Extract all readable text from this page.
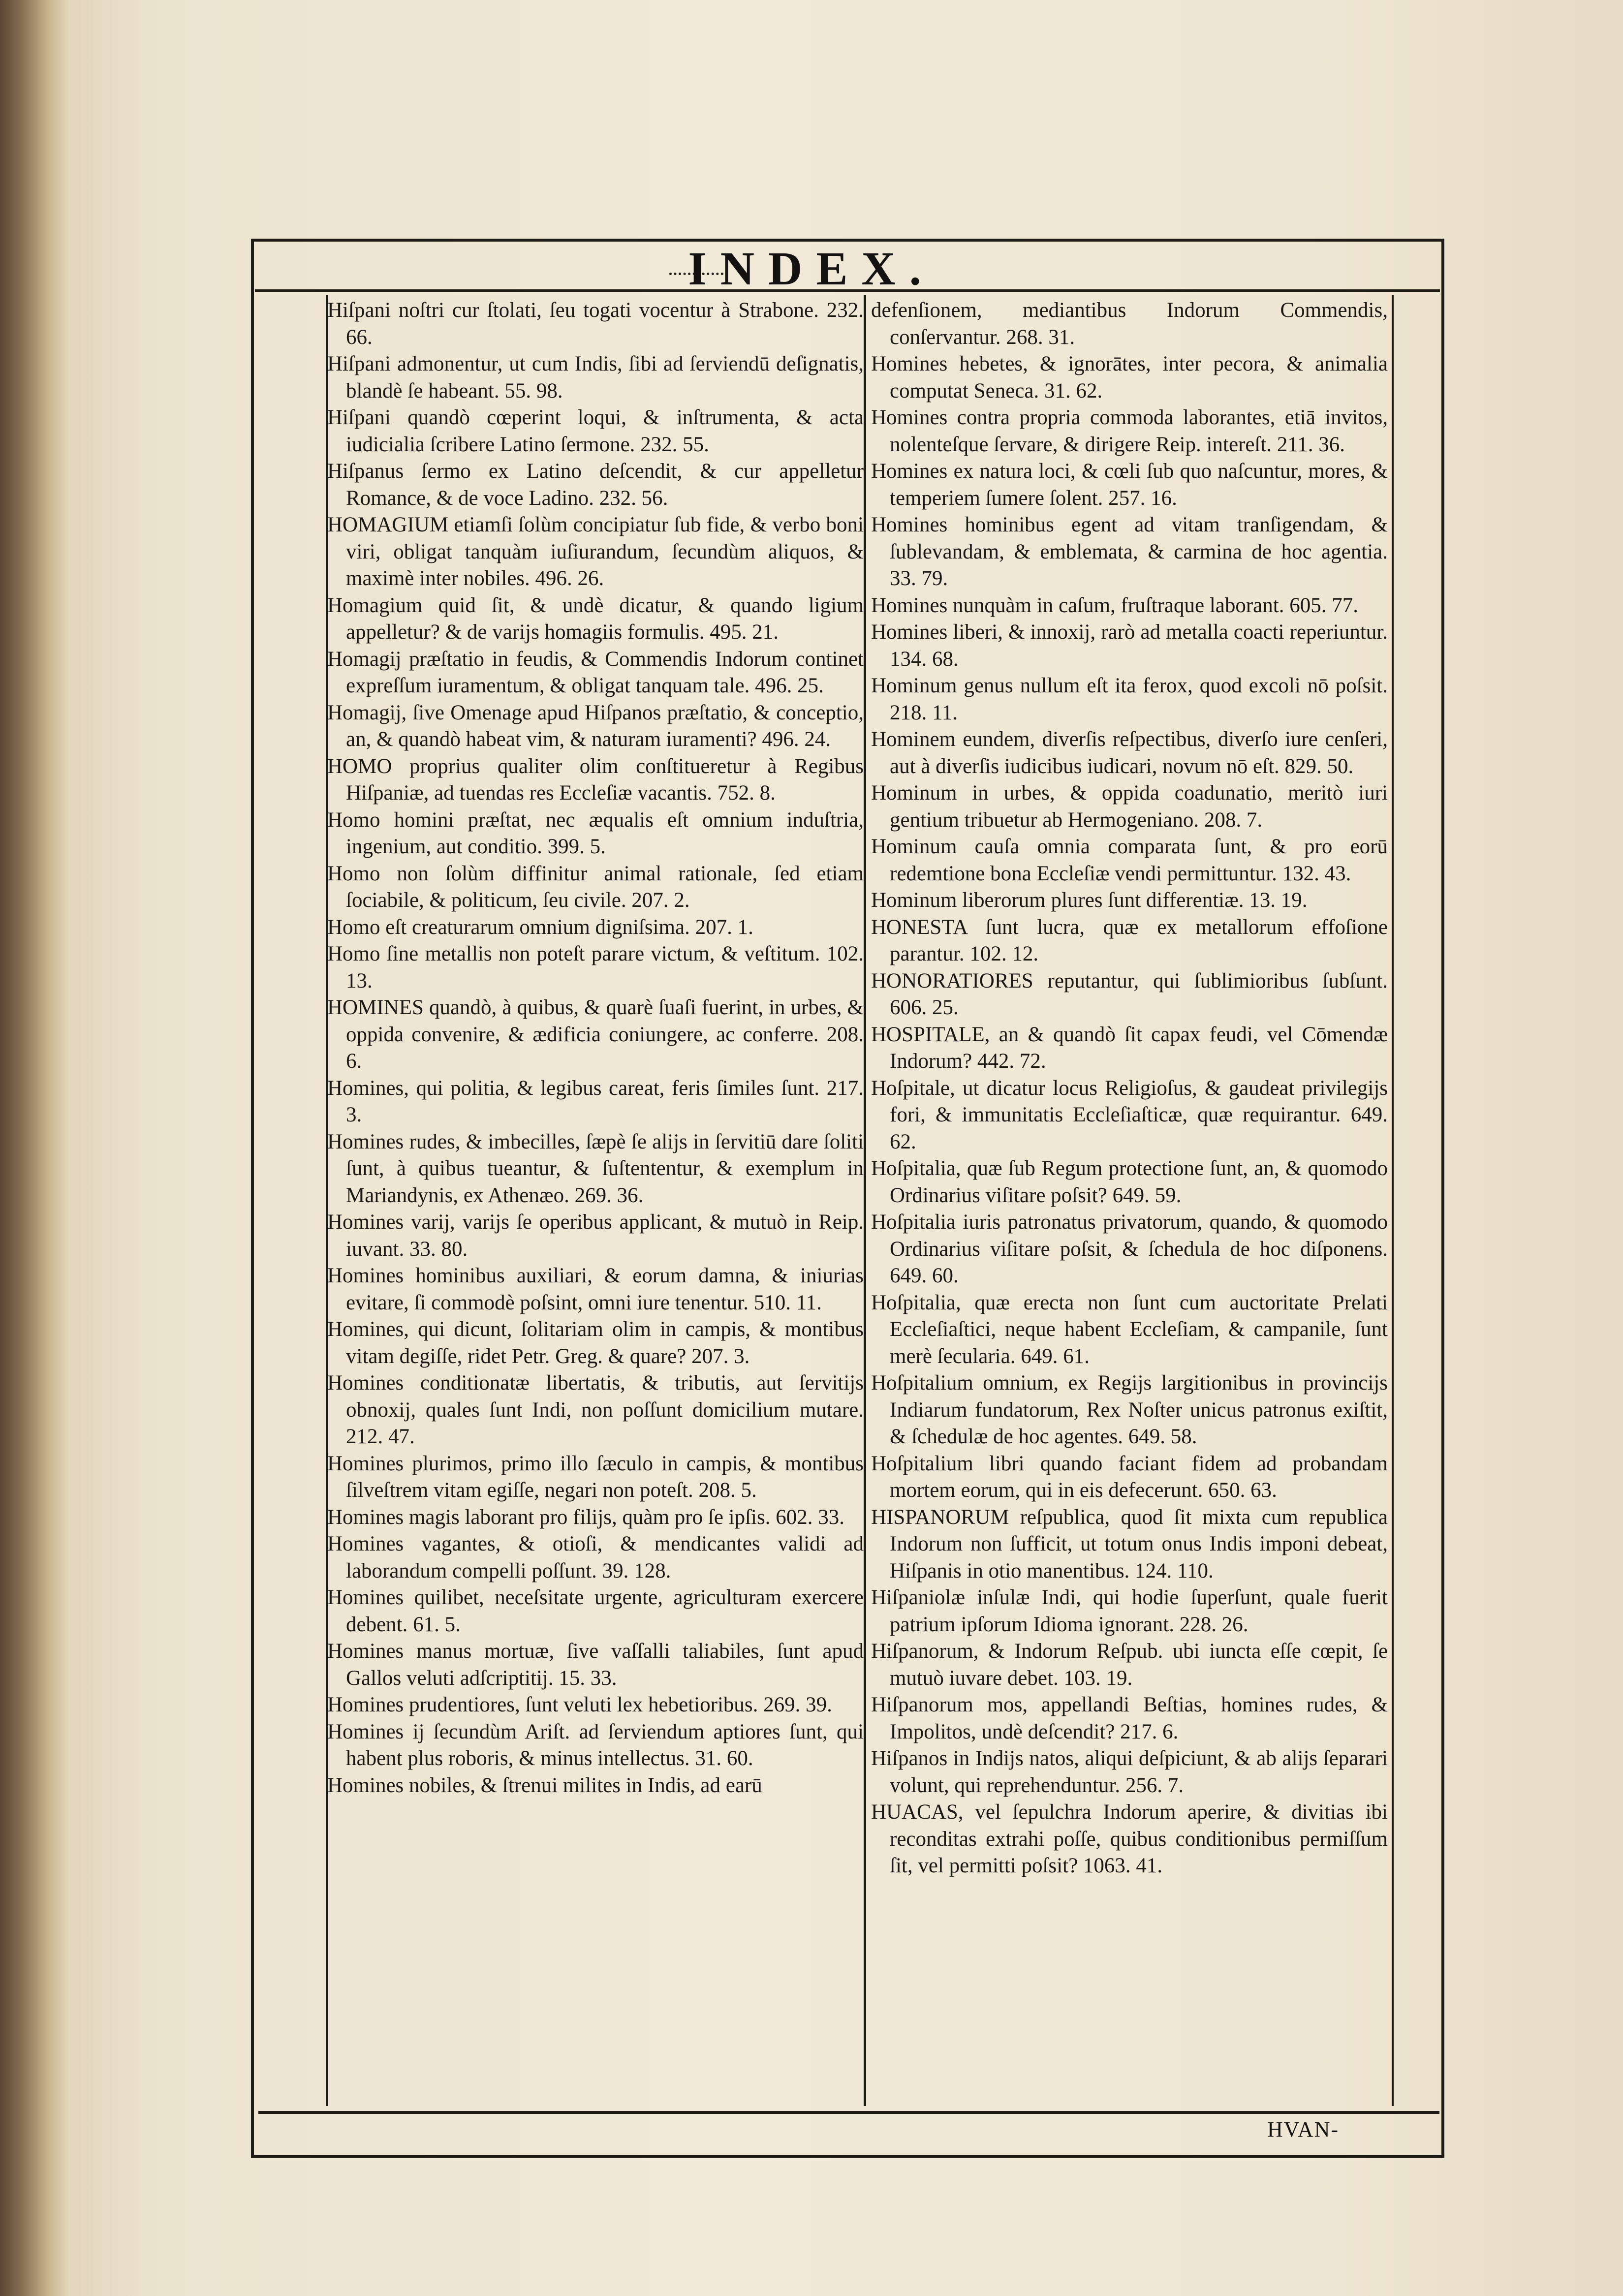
INDEX.

Hiſpani noſtri cur ſtolati, ſeu togati vocentur à Strabone. 232. 66.

Hiſpani admonentur, ut cum Indis, ſibi ad ſerviendū deſignatis, blandè ſe habeant. 55. 98.

Hiſpani quandò cœperint loqui, & inſtrumenta, & acta iudicialia ſcribere Latino ſermone. 232. 55.

Hiſpanus ſermo ex Latino deſcendit, & cur appelletur Romance, & de voce Ladino. 232. 56.

HOMAGIUM etiamſi ſolùm concipiatur ſub fide, & verbo boni viri, obligat tanquàm iuſiurandum, ſecundùm aliquos, & maximè inter nobiles. 496. 26.

Homagium quid ſit, & undè dicatur, & quando ligium appelletur? & de varijs homagiis formulis. 495. 21.

Homagij præſtatio in feudis, & Commendis Indorum continet expreſſum iuramentum, & obligat tanquam tale. 496. 25.

Homagij, ſive Omenage apud Hiſpanos præſtatio, & conceptio, an, & quandò habeat vim, & naturam iuramenti? 496. 24.

HOMO proprius qualiter olim conſtitueretur à Regibus Hiſpaniæ, ad tuendas res Eccleſiæ vacantis. 752. 8.

Homo homini præſtat, nec æqualis eſt omnium induſtria, ingenium, aut conditio. 399. 5.

Homo non ſolùm diffinitur animal rationale, ſed etiam ſociabile, & politicum, ſeu civile. 207. 2.

Homo eſt creaturarum omnium digniſsima. 207. 1.

Homo ſine metallis non poteſt parare victum, & veſtitum. 102. 13.

HOMINES quandò, à quibus, & quarè ſuaſi fuerint, in urbes, & oppida convenire, & ædificia coniungere, ac conferre. 208. 6.

Homines, qui politia, & legibus careat, feris ſimiles ſunt. 217. 3.

Homines rudes, & imbecilles, ſæpè ſe alijs in ſervitiū dare ſoliti ſunt, à quibus tueantur, & ſuſtententur, & exemplum in Mariandynis, ex Athenæo. 269. 36.

Homines varij, varijs ſe operibus applicant, & mutuò in Reip. iuvant. 33. 80.

Homines hominibus auxiliari, & eorum damna, & iniurias evitare, ſi commodè poſsint, omni iure tenentur. 510. 11.

Homines, qui dicunt, ſolitariam olim in campis, & montibus vitam degiſſe, ridet Petr. Greg. & quare? 207. 3.

Homines conditionatæ libertatis, & tributis, aut ſervitijs obnoxij, quales ſunt Indi, non poſſunt domicilium mutare. 212. 47.

Homines plurimos, primo illo ſæculo in campis, & montibus ſilveſtrem vitam egiſſe, negari non poteſt. 208. 5.

Homines magis laborant pro filijs, quàm pro ſe ipſis. 602. 33.

Homines vagantes, & otioſi, & mendicantes validi ad laborandum compelli poſſunt. 39. 128.

Homines quilibet, neceſsitate urgente, agriculturam exercere debent. 61. 5.

Homines manus mortuæ, ſive vaſſalli taliabiles, ſunt apud Gallos veluti adſcriptitij. 15. 33.

Homines prudentiores, ſunt veluti lex hebetioribus. 269. 39.

Homines ij ſecundùm Ariſt. ad ſerviendum aptiores ſunt, qui habent plus roboris, & minus intellectus. 31. 60.

Homines nobiles, & ſtrenui milites in Indis, ad earū

defenſionem, mediantibus Indorum Commendis, conſervantur. 268. 31.

Homines hebetes, & ignorātes, inter pecora, & animalia computat Seneca. 31. 62.

Homines contra propria commoda laborantes, etiā invitos, nolenteſque ſervare, & dirigere Reip. intereſt. 211. 36.

Homines ex natura loci, & cœli ſub quo naſcuntur, mores, & temperiem ſumere ſolent. 257. 16.

Homines hominibus egent ad vitam tranſigendam, & ſublevandam, & emblemata, & carmina de hoc agentia. 33. 79.

Homines nunquàm in caſum, fruſtraque laborant. 605. 77.

Homines liberi, & innoxij, rarò ad metalla coacti reperiuntur. 134. 68.

Hominum genus nullum eſt ita ferox, quod excoli nō poſsit. 218. 11.

Hominem eundem, diverſis reſpectibus, diverſo iure cenſeri, aut à diverſis iudicibus iudicari, novum nō eſt. 829. 50.

Hominum in urbes, & oppida coadunatio, meritò iuri gentium tribuetur ab Hermogeniano. 208. 7.

Hominum cauſa omnia comparata ſunt, & pro eorū redemtione bona Eccleſiæ vendi permittuntur. 132. 43.

Hominum liberorum plures ſunt differentiæ. 13. 19.

HONESTA ſunt lucra, quæ ex metallorum effoſione parantur. 102. 12.

HONORATIORES reputantur, qui ſublimioribus ſubſunt. 606. 25.

HOSPITALE, an & quandò ſit capax feudi, vel Cōmendæ Indorum? 442. 72.

Hoſpitale, ut dicatur locus Religioſus, & gaudeat privilegijs fori, & immunitatis Eccleſiaſticæ, quæ requirantur. 649. 62.

Hoſpitalia, quæ ſub Regum protectione ſunt, an, & quomodo Ordinarius viſitare poſsit? 649. 59.

Hoſpitalia iuris patronatus privatorum, quando, & quomodo Ordinarius viſitare poſsit, & ſchedula de hoc diſponens. 649. 60.

Hoſpitalia, quæ erecta non ſunt cum auctoritate Prelati Eccleſiaſtici, neque habent Eccleſiam, & campanile, ſunt merè ſecularia. 649. 61.

Hoſpitalium omnium, ex Regijs largitionibus in provincijs Indiarum fundatorum, Rex Noſter unicus patronus exiſtit, & ſchedulæ de hoc agentes. 649. 58.

Hoſpitalium libri quando faciant fidem ad probandam mortem eorum, qui in eis defecerunt. 650. 63.

HISPANORUM reſpublica, quod ſit mixta cum republica Indorum non ſufficit, ut totum onus Indis imponi debeat, Hiſpanis in otio manentibus. 124. 110.

Hiſpaniolæ inſulæ Indi, qui hodie ſuperſunt, quale fuerit patrium ipſorum Idioma ignorant. 228. 26.

Hiſpanorum, & Indorum Reſpub. ubi iuncta eſſe cœpit, ſe mutuò iuvare debet. 103. 19.

Hiſpanorum mos, appellandi Beſtias, homines rudes, & Impolitos, undè deſcendit? 217. 6.

Hiſpanos in Indijs natos, aliqui deſpiciunt, & ab alijs ſeparari volunt, qui reprehenduntur. 256. 7.

HUACAS, vel ſepulchra Indorum aperire, & divitias ibi reconditas extrahi poſſe, quibus conditionibus permiſſum ſit, vel permitti poſsit? 1063. 41.

HVAN-
